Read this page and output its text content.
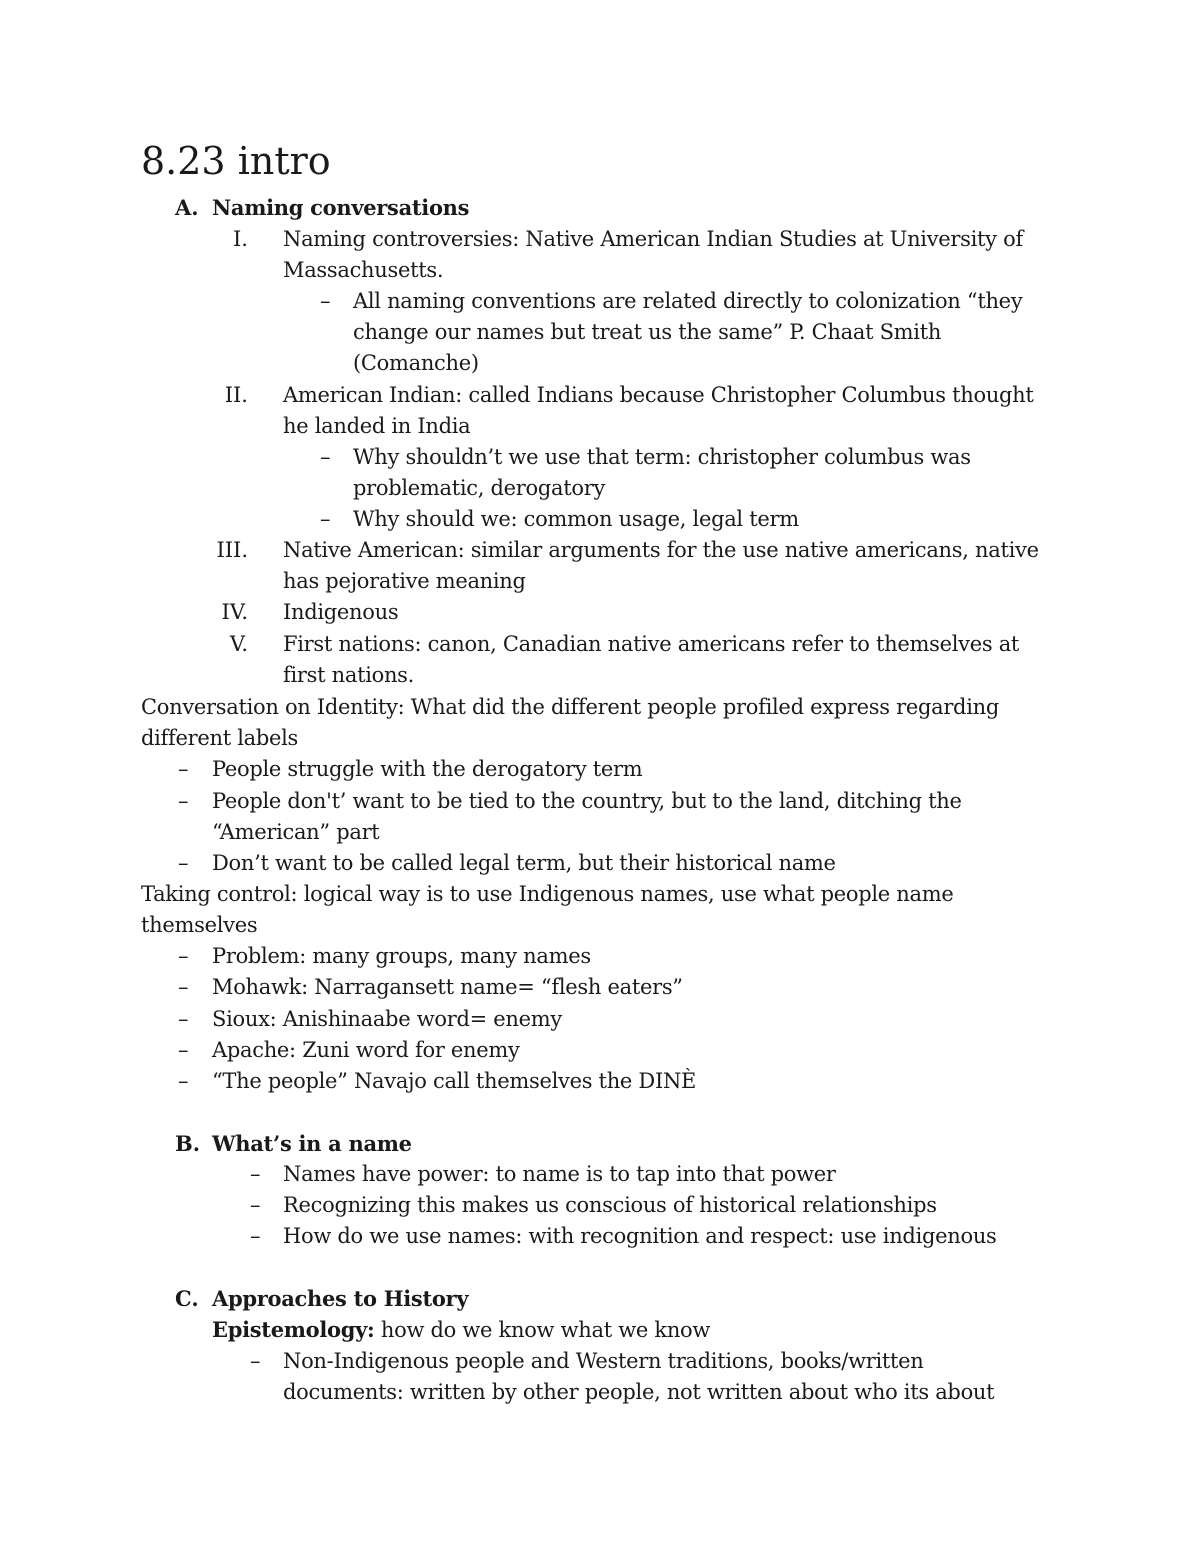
8.23 intro
A. Naming conversations
I. Naming controversies: Native American Indian Studies at University of
Massachusetts.
– All naming conventions are related directly to colonization “they
change our names but treat us the same” P. Chaat Smith
(Comanche)
II. American Indian: called Indians because Christopher Columbus thought
he landed in India
– Why shouldn’t we use that term: christopher columbus was
problematic, derogatory
– Why should we: common usage, legal term
III. Native American: similar arguments for the use native americans, native
has pejorative meaning
IV. Indigenous
V. First nations: canon, Canadian native americans refer to themselves at
first nations.
Conversation on Identity: What did the different people profiled express regarding
different labels
– People struggle with the derogatory term
– People don't’ want to be tied to the country, but to the land, ditching the
“American” part
– Don’t want to be called legal term, but their historical name
Taking control: logical way is to use Indigenous names, use what people name
themselves
– Problem: many groups, many names
– Mohawk: Narragansett name= “flesh eaters”
– Sioux: Anishinaabe word= enemy
– Apache: Zuni word for enemy
– “The people” Navajo call themselves the DINÈ
B. What’s in a name
– Names have power: to name is to tap into that power
– Recognizing this makes us conscious of historical relationships
– How do we use names: with recognition and respect: use indigenous
C. Approaches to History
Epistemology: how do we know what we know
– Non-Indigenous people and Western traditions, books/written
documents: written by other people, not written about who its about
